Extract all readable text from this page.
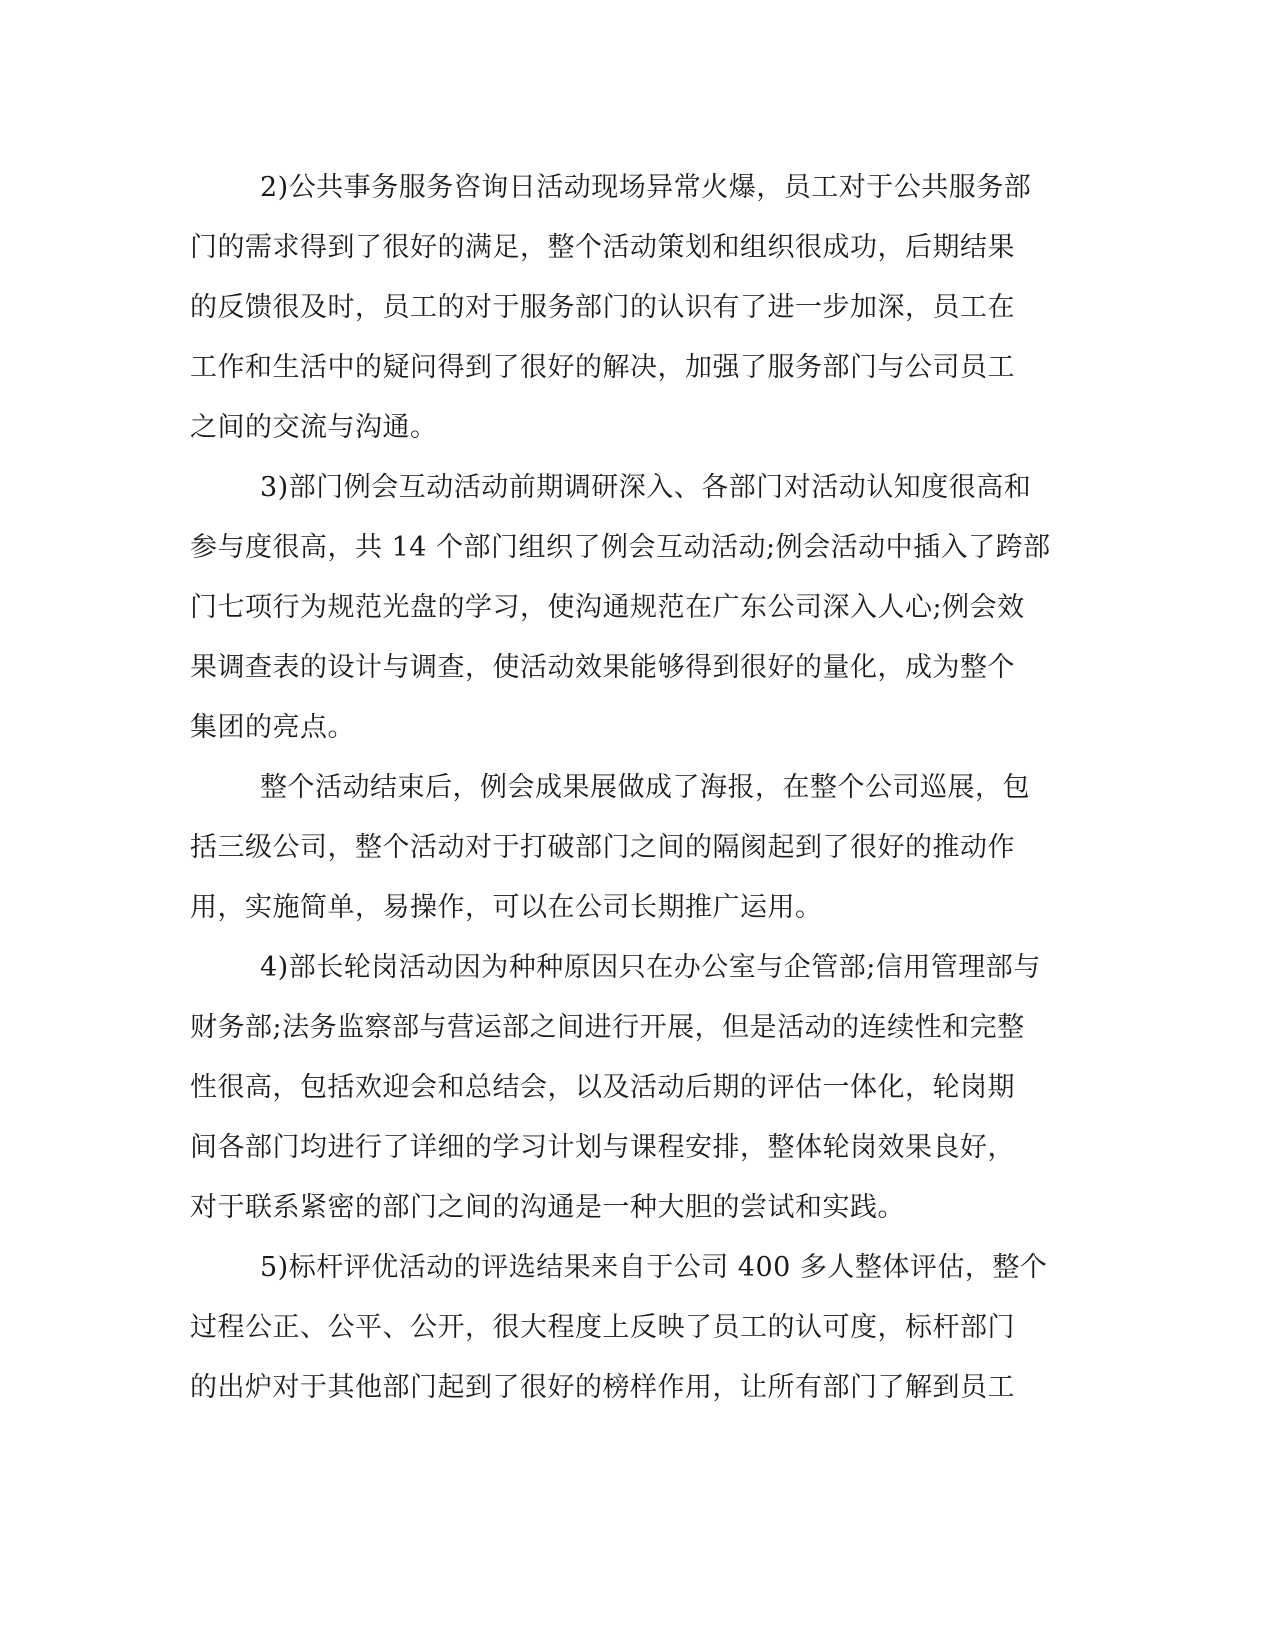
2)公共事务服务咨询日活动现场异常火爆，员工对于公共服务部
门的需求得到了很好的满足，整个活动策划和组织很成功，后期结果
的反馈很及时，员工的对于服务部门的认识有了进一步加深，员工在
工作和生活中的疑问得到了很好的解决，加强了服务部门与公司员工
之间的交流与沟通。
3)部门例会互动活动前期调研深入、各部门对活动认知度很高和
参与度很高，共 14 个部门组织了例会互动活动;例会活动中插入了跨部
门七项行为规范光盘的学习，使沟通规范在广东公司深入人心;例会效
果调查表的设计与调查，使活动效果能够得到很好的量化，成为整个
集团的亮点。
整个活动结束后，例会成果展做成了海报，在整个公司巡展，包
括三级公司，整个活动对于打破部门之间的隔阂起到了很好的推动作
用，实施简单，易操作，可以在公司长期推广运用。
4)部长轮岗活动因为种种原因只在办公室与企管部;信用管理部与
财务部;法务监察部与营运部之间进行开展，但是活动的连续性和完整
性很高，包括欢迎会和总结会，以及活动后期的评估一体化，轮岗期
间各部门均进行了详细的学习计划与课程安排，整体轮岗效果良好，
对于联系紧密的部门之间的沟通是一种大胆的尝试和实践。
5)标杆评优活动的评选结果来自于公司 400 多人整体评估，整个
过程公正、公平、公开，很大程度上反映了员工的认可度，标杆部门
的出炉对于其他部门起到了很好的榜样作用，让所有部门了解到员工
